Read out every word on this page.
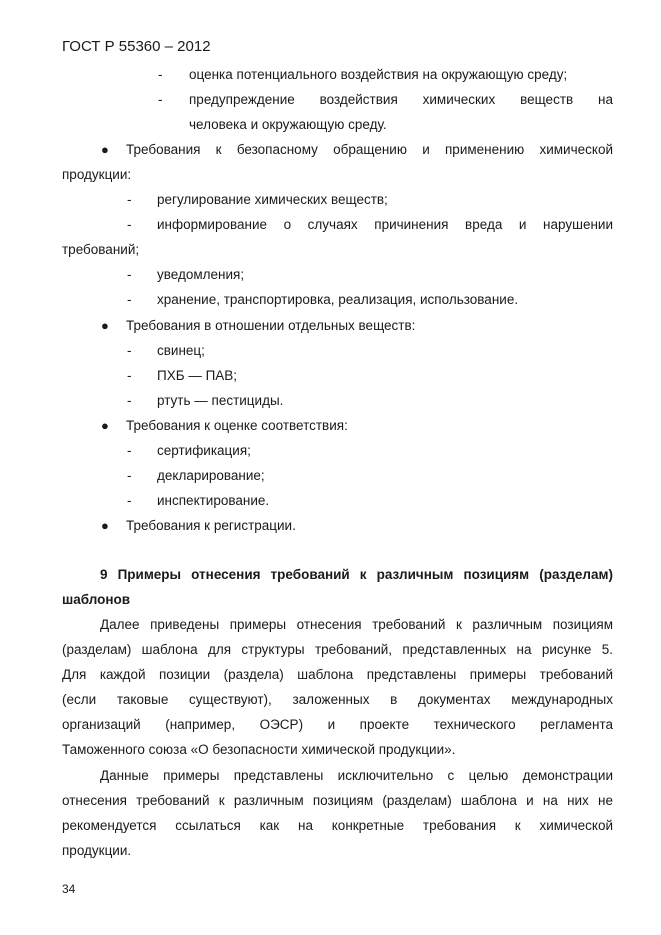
ГОСТ Р 55360 – 2012
- оценка потенциального воздействия на окружающую среду;
- предупреждение воздействия химических веществ на
человека и окружающую среду.
● Требования к безопасному обращению и применению химической
продукции:
- регулирование химических веществ;
- информирование о случаях причинения вреда и нарушении
требований;
- уведомления;
- хранение, транспортировка, реализация, использование.
● Требования в отношении отдельных веществ:
- свинец;
- ПХБ — ПАВ;
- ртуть — пестициды.
● Требования к оценке соответствия:
- сертификация;
- декларирование;
- инспектирование.
● Требования к регистрации.
9 Примеры отнесения требований к различным позициям (разделам)
шаблонов
Далее приведены примеры отнесения требований к различным позициям
(разделам) шаблона для структуры требований, представленных на рисунке 5.
Для каждой позиции (раздела) шаблона представлены примеры требований
(если таковые существуют), заложенных в документах международных
организаций (например, ОЭСР) и проекте технического регламента
Таможенного союза «О безопасности химической продукции».
Данные примеры представлены исключительно с целью демонстрации
отнесения требований к различным позициям (разделам) шаблона и на них не
рекомендуется ссылаться как на конкретные требования к химической
продукции.
34
